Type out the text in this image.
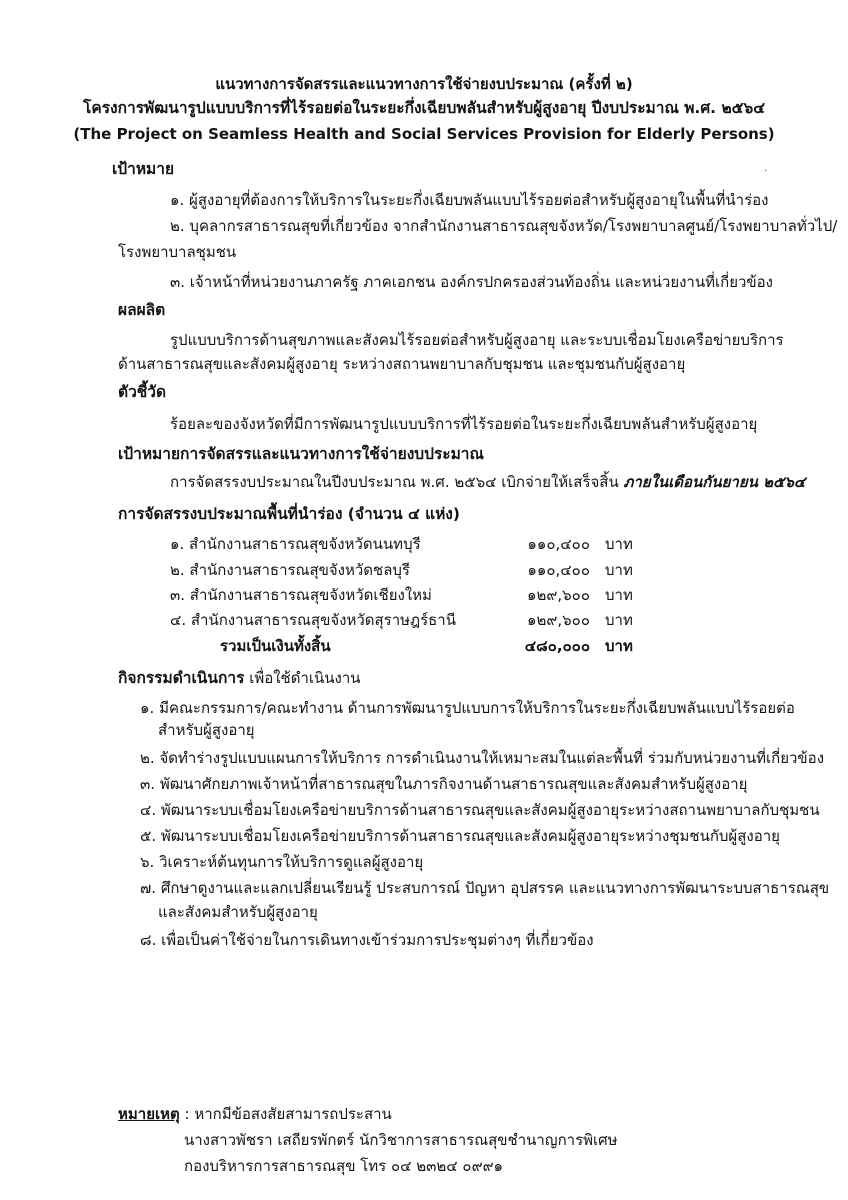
แนวทางการจัดสรรและแนวทางการใช้จ่ายงบประมาณ (ครั้งที่ ๒)
โครงการพัฒนารูปแบบบริการที่ไร้รอยต่อในระยะกึ่งเฉียบพลันสำหรับผู้สูงอายุ ปีงบประมาณ พ.ศ. ๒๕๖๔
(The Project on Seamless Health and Social Services Provision for Elderly Persons)
·
เป้าหมาย
๑. ผู้สูงอายุที่ต้องการให้บริการในระยะกึ่งเฉียบพลันแบบไร้รอยต่อสำหรับผู้สูงอายุในพื้นที่นำร่อง
๒. บุคลากรสาธารณสุขที่เกี่ยวข้อง จากสำนักงานสาธารณสุขจังหวัด/โรงพยาบาลศูนย์/โรงพยาบาลทั่วไป/
โรงพยาบาลชุมชน
๓. เจ้าหน้าที่หน่วยงานภาครัฐ ภาคเอกชน องค์กรปกครองส่วนท้องถิ่น และหน่วยงานที่เกี่ยวข้อง
ผลผลิต
รูปแบบบริการด้านสุขภาพและสังคมไร้รอยต่อสำหรับผู้สูงอายุ และระบบเชื่อมโยงเครือข่ายบริการ
ด้านสาธารณสุขและสังคมผู้สูงอายุ ระหว่างสถานพยาบาลกับชุมชน และชุมชนกับผู้สูงอายุ
ตัวชี้วัด
ร้อยละของจังหวัดที่มีการพัฒนารูปแบบบริการที่ไร้รอยต่อในระยะกึ่งเฉียบพลันสำหรับผู้สูงอายุ
เป้าหมายการจัดสรรและแนวทางการใช้จ่ายงบประมาณ
การจัดสรรงบประมาณในปีงบประมาณ พ.ศ. ๒๕๖๔ เบิกจ่ายให้เสร็จสิ้น ภายในเดือนกันยายน ๒๕๖๔
การจัดสรรงบประมาณพื้นที่นำร่อง (จำนวน ๔ แห่ง)
๑. สำนักงานสาธารณสุขจังหวัดนนทบุรี	๑๑๐,๔๐๐ บาท
๒. สำนักงานสาธารณสุขจังหวัดชลบุรี	๑๑๐,๔๐๐ บาท
๓. สำนักงานสาธารณสุขจังหวัดเชียงใหม่	๑๒๙,๖๐๐ บาท
๔. สำนักงานสาธารณสุขจังหวัดสุราษฎร์ธานี	๑๒๙,๖๐๐ บาท
รวมเป็นเงินทั้งสิ้น	๔๘๐,๐๐๐ บาท
กิจกรรมดำเนินการ เพื่อใช้ดำเนินงาน
๑. มีคณะกรรมการ/คณะทำงาน ด้านการพัฒนารูปแบบการให้บริการในระยะกึ่งเฉียบพลันแบบไร้รอยต่อ
สำหรับผู้สูงอายุ
๒. จัดทำร่างรูปแบบแผนการให้บริการ การดำเนินงานให้เหมาะสมในแต่ละพื้นที่ ร่วมกับหน่วยงานที่เกี่ยวข้อง
๓. พัฒนาศักยภาพเจ้าหน้าที่สาธารณสุขในภารกิจงานด้านสาธารณสุขและสังคมสำหรับผู้สูงอายุ
๔. พัฒนาระบบเชื่อมโยงเครือข่ายบริการด้านสาธารณสุขและสังคมผู้สูงอายุระหว่างสถานพยาบาลกับชุมชน
๕. พัฒนาระบบเชื่อมโยงเครือข่ายบริการด้านสาธารณสุขและสังคมผู้สูงอายุระหว่างชุมชนกับผู้สูงอายุ
๖. วิเคราะห์ต้นทุนการให้บริการดูแลผู้สูงอายุ
๗. ศึกษาดูงานและแลกเปลี่ยนเรียนรู้ ประสบการณ์ ปัญหา อุปสรรค และแนวทางการพัฒนาระบบสาธารณสุข
และสังคมสำหรับผู้สูงอายุ
๘. เพื่อเป็นค่าใช้จ่ายในการเดินทางเข้าร่วมการประชุมต่างๆ ที่เกี่ยวข้อง
หมายเหตุ : หากมีข้อสงสัยสามารถประสาน
นางสาวพัชรา เสถียรพักตร์ นักวิชาการสาธารณสุขชำนาญการพิเศษ
กองบริหารการสาธารณสุข โทร ๐๔ ๒๓๒๔ ๐๙๙๑
